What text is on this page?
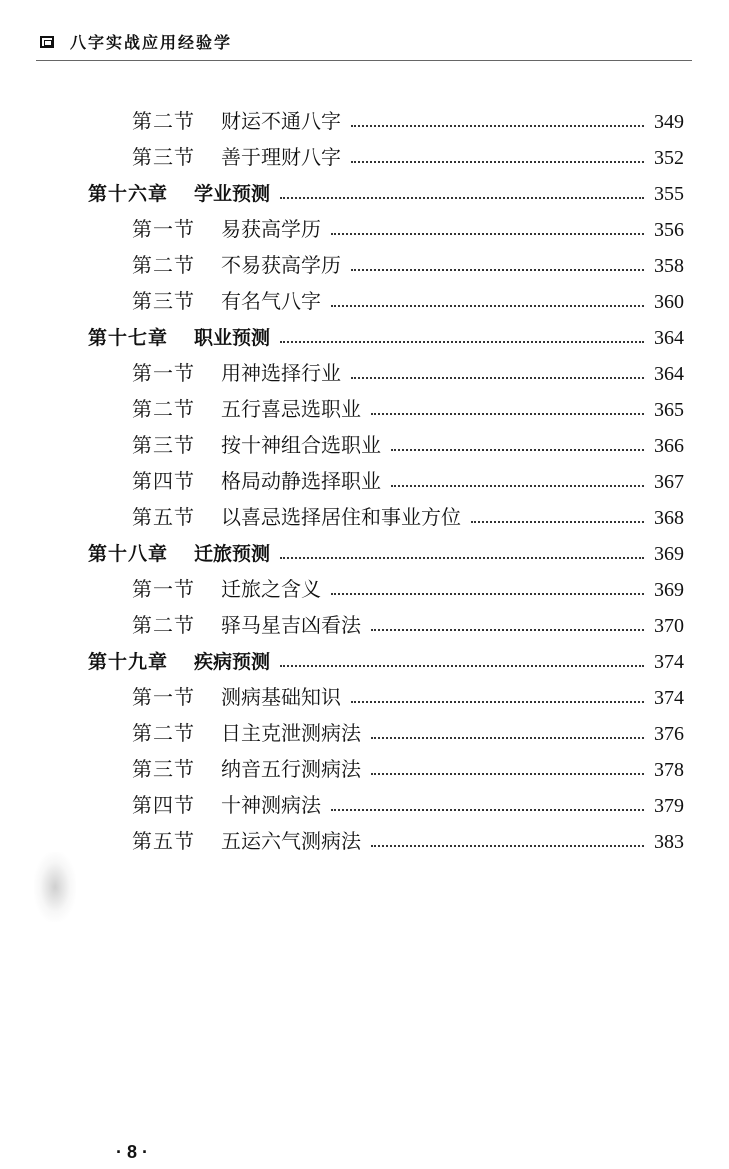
八字实战应用经验学
第二节 财运不通八字	349
第三节 善于理财八字	352
第十六章 学业预测	355
第一节 易获高学历	356
第二节 不易获高学历	358
第三节 有名气八字	360
第十七章 职业预测	364
第一节 用神选择行业	364
第二节 五行喜忌选职业	365
第三节 按十神组合选职业	366
第四节 格局动静选择职业	367
第五节 以喜忌选择居住和事业方位	368
第十八章 迁旅预测	369
第一节 迁旅之含义	369
第二节 驿马星吉凶看法	370
第十九章 疾病预测	374
第一节 测病基础知识	374
第二节 日主克泄测病法	376
第三节 纳音五行测病法	378
第四节 十神测病法	379
第五节 五运六气测病法	383
· 8 ·
